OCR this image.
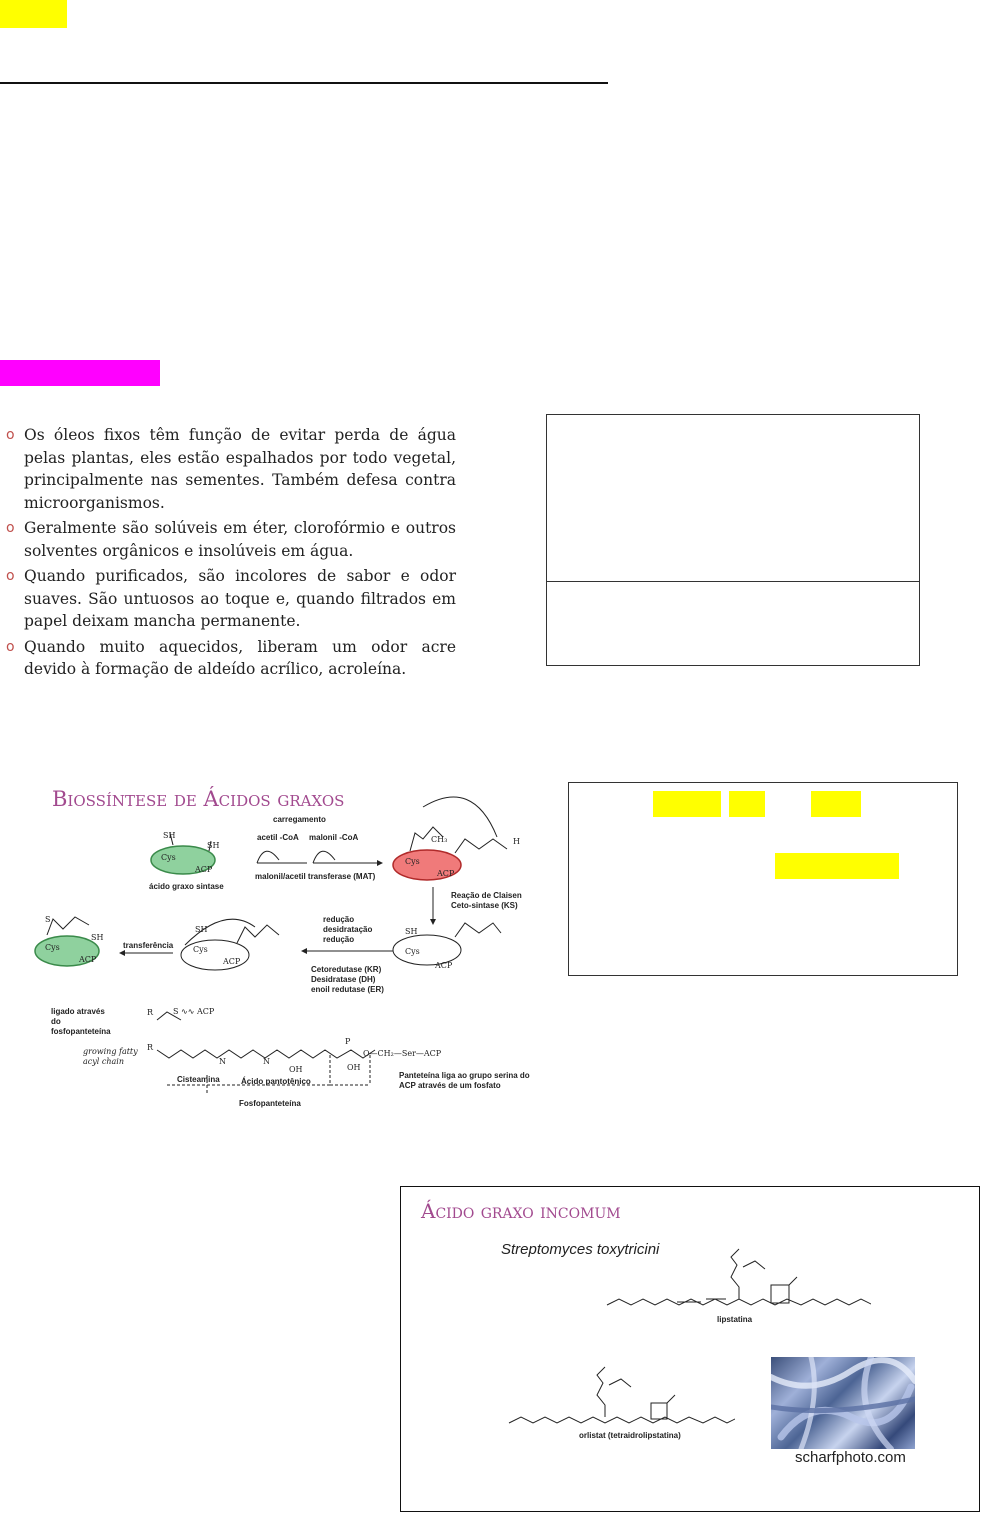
o Os óleos fixos têm função de evitar perda de água pelas plantas, eles estão espalhados por todo vegetal, principalmente nas sementes. Também defesa contra microorganismos.
o Geralmente são solúveis em éter, clorofórmio e outros solventes orgânicos e insolúveis em água.
o Quando purificados, são incolores de sabor e odor suaves. São untuosos ao toque e, quando filtrados em papel deixam mancha permanente.
o Quando muito aquecidos, liberam um odor acre devido à formação de aldeído acrílico, acroleína.
Biossíntese de Ácidos graxos
carregamento
acetil -CoA malonil -CoA
malonil/acetil transferase (MAT)
ácido graxo sintase
SH
SH
Cys
ACP
Cys
ACP
CH₃	H
Reação de Claisen
Ceto-sintase (KS)
SH
Cys
ACP
redução
desidratação
redução
Cetoredutase (KR)
Desidratase (DH)
enoil redutase (ER)
SH
Cys
ACP
transferência
SH
Cys
ACP
S
ligado através
do
fosfopanteteína
R S ∿∿ ACP
growing fatty
acyl chain
R
N	N
OH
P
OH
O—CH₂—Ser—ACP
Cisteamina	Ácido pantotênico
Fosfopanteteína
Panteteína liga ao grupo serina do
ACP através de um fosfato
Ácido graxo incomum
Streptomyces toxytricini
lipstatina
orlistat (tetraidrolipstatina)
scharfphoto.com
